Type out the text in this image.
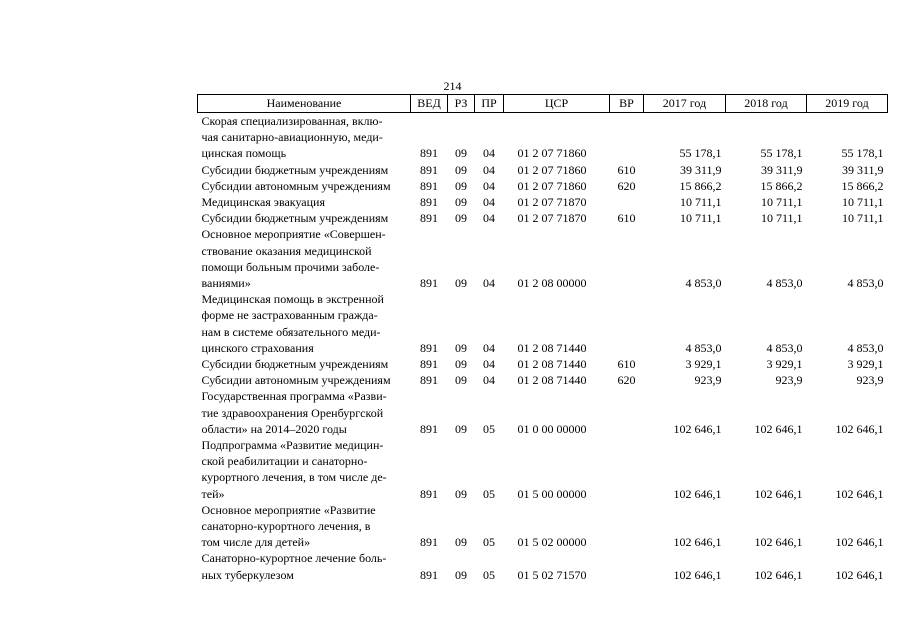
214
Наименование	ВЕД	РЗ	ПР	ЦСР	ВР	2017 год	2018 год	2019 год

Скорая специализированная, вклю-
чая санитарно-авиационную, меди-
цинская помощь	891	09	04	01 2 07 71860		55 178,1	55 178,1	55 178,1

Субсидии бюджетным учреждениям	891	09	04	01 2 07 71860	610	39 311,9	39 311,9	39 311,9

Субсидии автономным учреждениям	891	09	04	01 2 07 71860	620	15 866,2	15 866,2	15 866,2

Медицинская эвакуация	891	09	04	01 2 07 71870		10 711,1	10 711,1	10 711,1

Субсидии бюджетным учреждениям	891	09	04	01 2 07 71870	610	10 711,1	10 711,1	10 711,1

Основное мероприятие «Совершен-
ствование оказания медицинской
помощи больным прочими заболе-
ваниями»	891	09	04	01 2 08 00000		4 853,0	4 853,0	4 853,0

Медицинская помощь в экстренной
форме не застрахованным гражда-
нам в системе обязательного меди-
цинского страхования	891	09	04	01 2 08 71440		4 853,0	4 853,0	4 853,0

Субсидии бюджетным учреждениям	891	09	04	01 2 08 71440	610	3 929,1	3 929,1	3 929,1

Субсидии автономным учреждениям	891	09	04	01 2 08 71440	620	923,9	923,9	923,9

Государственная программа «Разви-
тие здравоохранения Оренбургской
области» на 2014–2020 годы	891	09	05	01 0 00 00000		102 646,1	102 646,1	102 646,1

Подпрограмма «Развитие медицин-
ской реабилитации и санаторно-
курортного лечения, в том числе де-
тей»	891	09	05	01 5 00 00000		102 646,1	102 646,1	102 646,1

Основное мероприятие «Развитие
санаторно-курортного лечения, в
том числе для детей»	891	09	05	01 5 02 00000		102 646,1	102 646,1	102 646,1

Санаторно-курортное лечение боль-
ных туберкулезом	891	09	05	01 5 02 71570		102 646,1	102 646,1	102 646,1
